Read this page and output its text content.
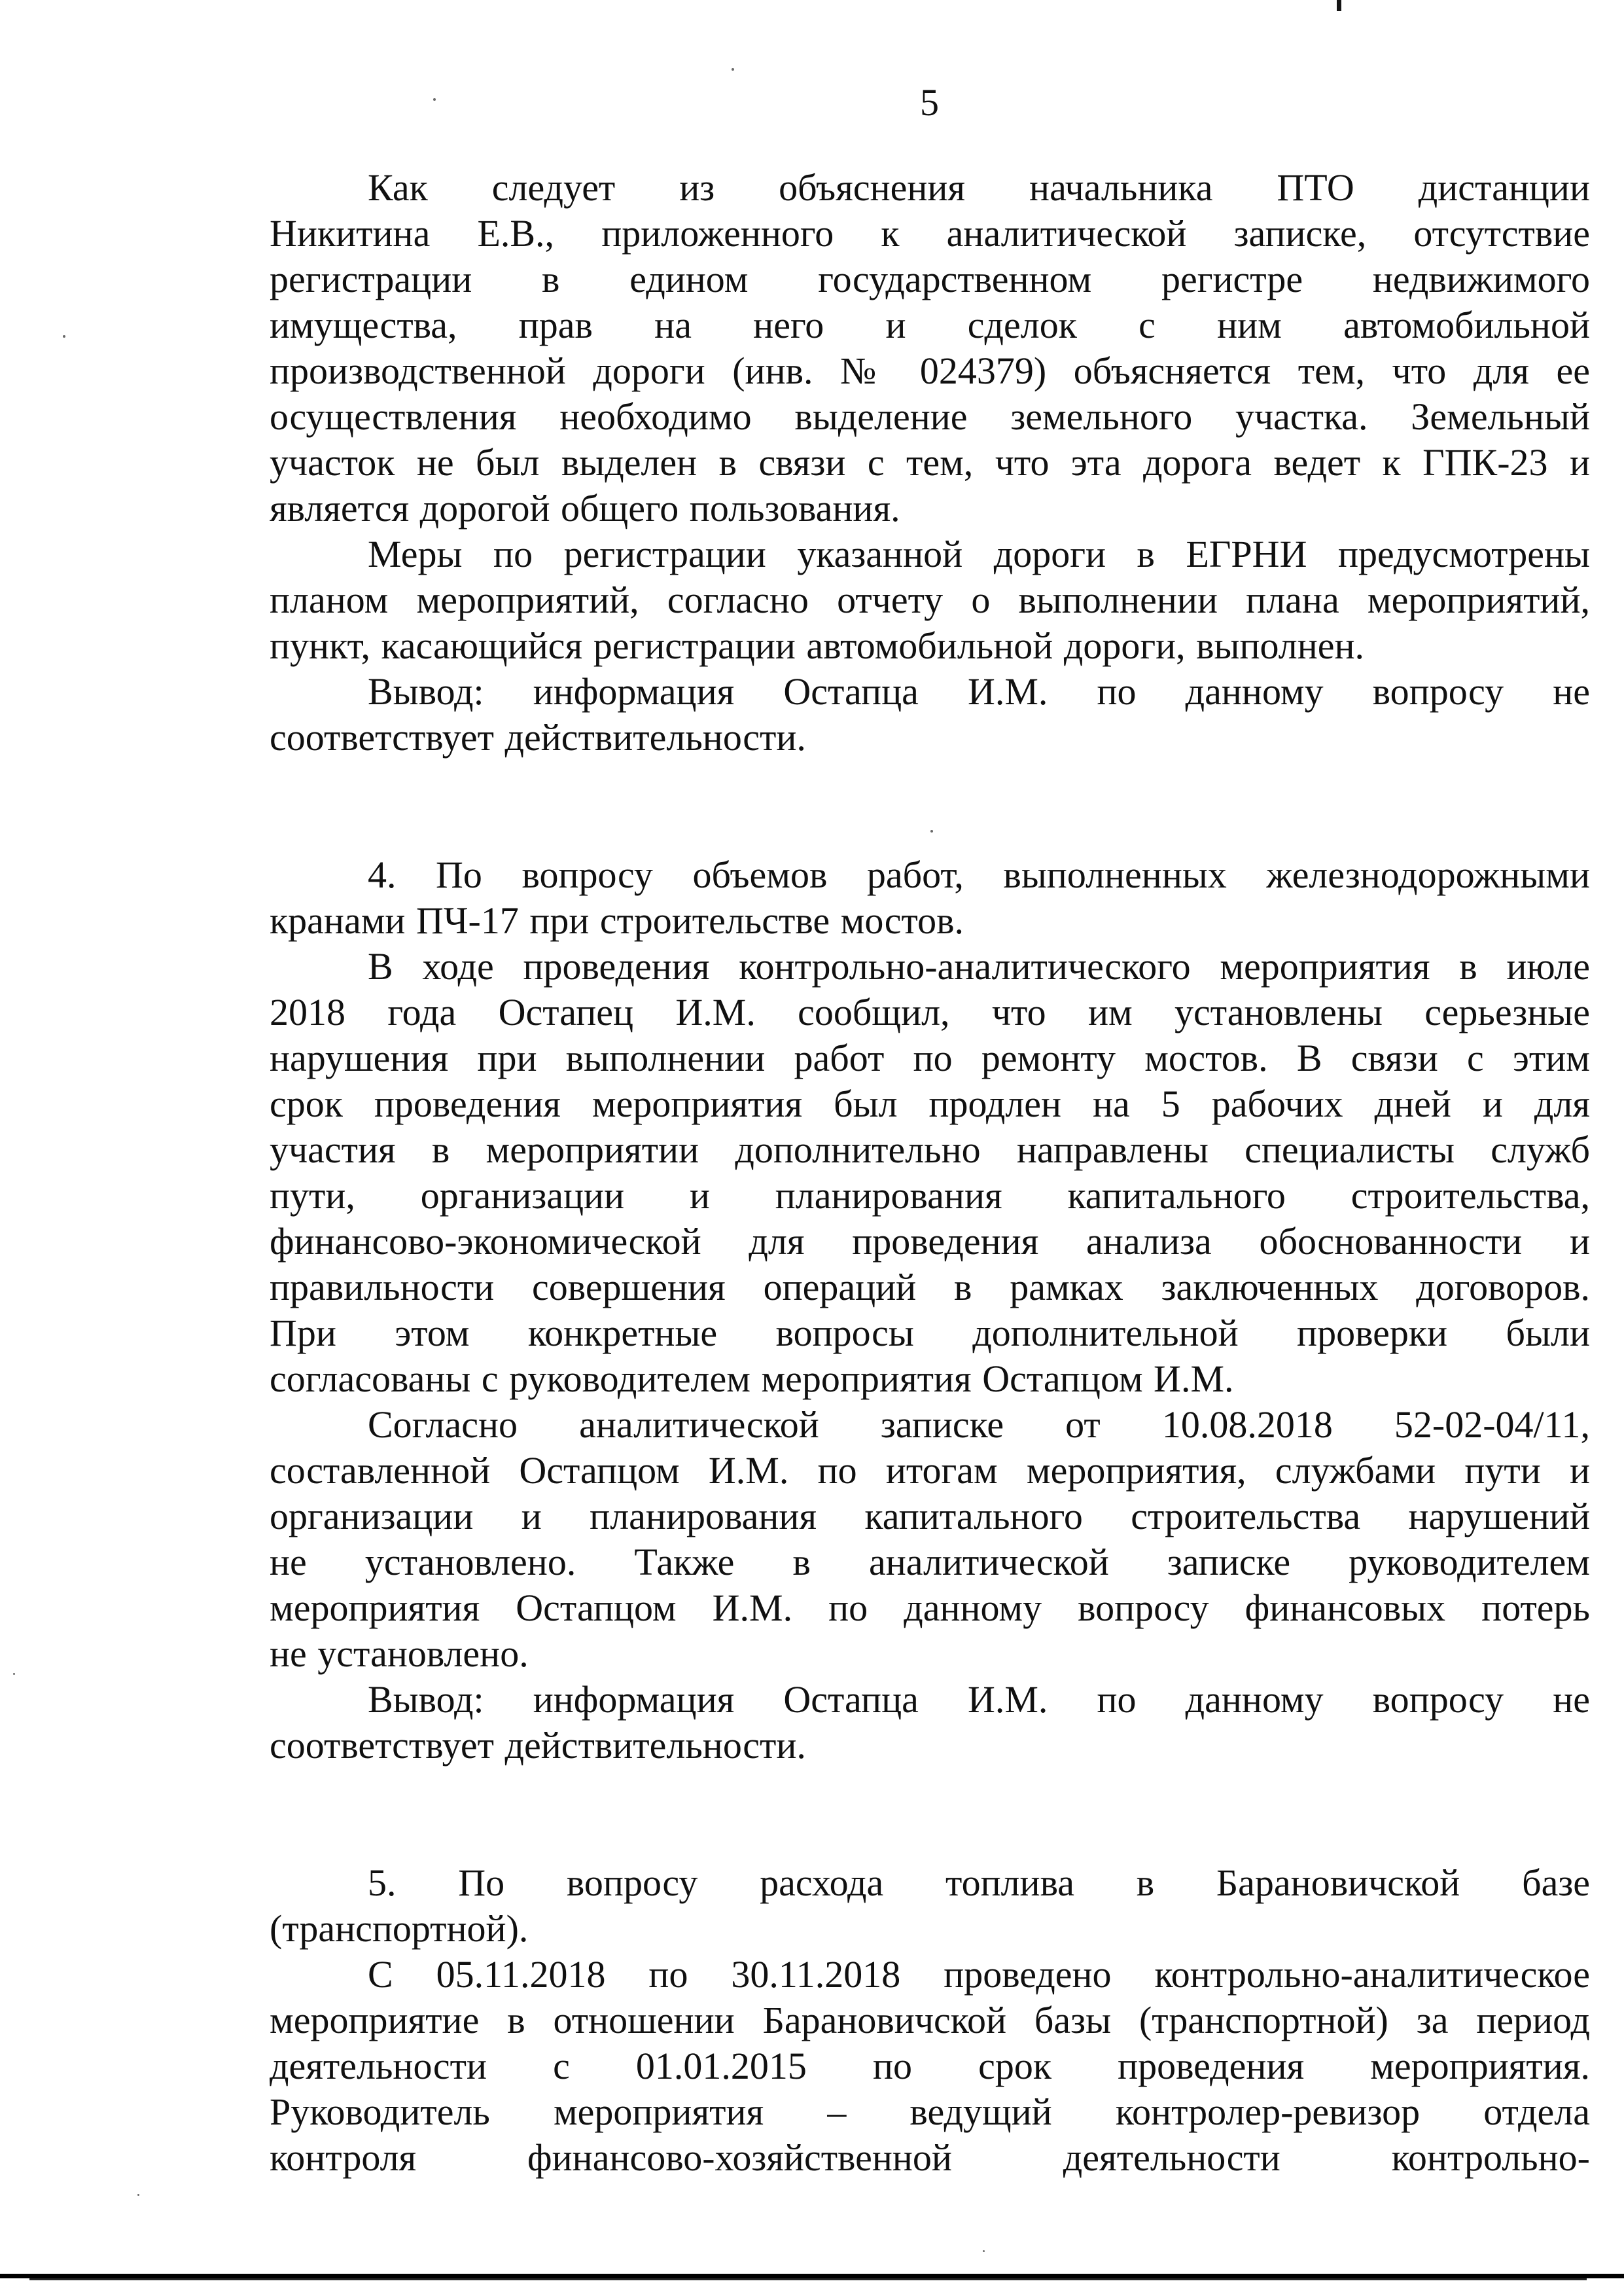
5
Как следует из объяснения начальника ПТО дистанции
Никитина Е.В., приложенного к аналитической записке, отсутствие
регистрации в едином государственном регистре недвижимого
имущества, прав на него и сделок с ним автомобильной
производственной дороги (инв. № 024379) объясняется тем, что для ее
осуществления необходимо выделение земельного участка. Земельный
участок не был выделен в связи с тем, что эта дорога ведет к ГПК-23 и
является дорогой общего пользования.
Меры по регистрации указанной дороги в ЕГРНИ предусмотрены
планом мероприятий, согласно отчету о выполнении плана мероприятий,
пункт, касающийся регистрации автомобильной дороги, выполнен.
Вывод: информация Остапца И.М. по данному вопросу не
соответствует действительности.
4. По вопросу объемов работ, выполненных железнодорожными
кранами ПЧ-17 при строительстве мостов.
В ходе проведения контрольно-аналитического мероприятия в июле
2018 года Остапец И.М. сообщил, что им установлены серьезные
нарушения при выполнении работ по ремонту мостов. В связи с этим
срок проведения мероприятия был продлен на 5 рабочих дней и для
участия в мероприятии дополнительно направлены специалисты служб
пути, организации и планирования капитального строительства,
финансово-экономической для проведения анализа обоснованности и
правильности совершения операций в рамках заключенных договоров.
При этом конкретные вопросы дополнительной проверки были
согласованы с руководителем мероприятия Остапцом И.М.
Согласно аналитической записке от 10.08.2018 52-02-04/11,
составленной Остапцом И.М. по итогам мероприятия, службами пути и
организации и планирования капитального строительства нарушений
не установлено. Также в аналитической записке руководителем
мероприятия Остапцом И.М. по данному вопросу финансовых потерь
не установлено.
Вывод: информация Остапца И.М. по данному вопросу не
соответствует действительности.
5. По вопросу расхода топлива в Барановичской базе
(транспортной).
С 05.11.2018 по 30.11.2018 проведено контрольно-аналитическое
мероприятие в отношении Барановичской базы (транспортной) за период
деятельности с 01.01.2015 по срок проведения мероприятия.
Руководитель мероприятия – ведущий контролер-ревизор отдела
контроля финансово-хозяйственной деятельности контрольно-
